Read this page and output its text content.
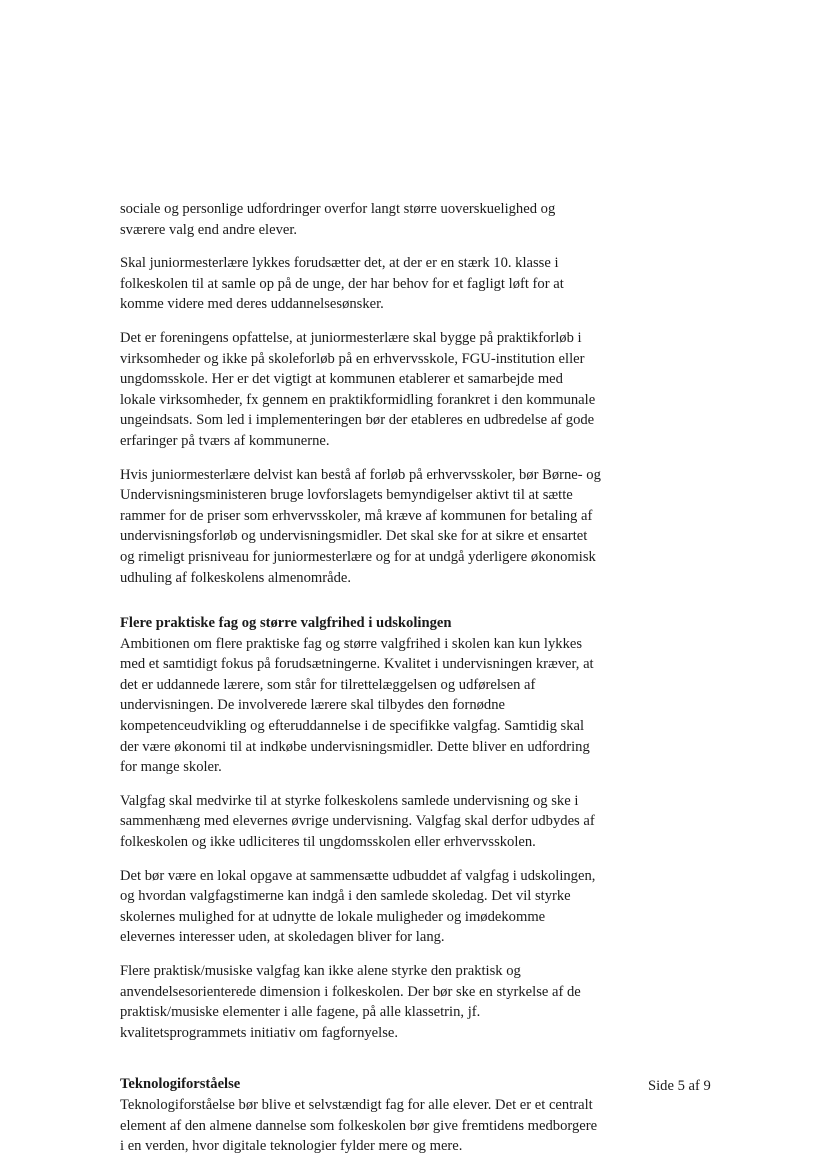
sociale og personlige udfordringer overfor langt større uoverskuelighed og sværere valg end andre elever.

Skal juniormesterlære lykkes forudsætter det, at der er en stærk 10. klasse i folkeskolen til at samle op på de unge, der har behov for et fagligt løft for at komme videre med deres uddannelsesønsker.

Det er foreningens opfattelse, at juniormesterlære skal bygge på praktikforløb i virksomheder og ikke på skoleforløb på en erhvervsskole, FGU-institution eller ungdomsskole. Her er det vigtigt at kommunen etablerer et samarbejde med lokale virksomheder, fx gennem en praktikformidling forankret i den kommunale ungeindsats. Som led i implementeringen bør der etableres en udbredelse af gode erfaringer på tværs af kommunerne.

Hvis juniormesterlære delvist kan bestå af forløb på erhvervsskoler, bør Børne- og Undervisningsministeren bruge lovforslagets bemyndigelser aktivt til at sætte rammer for de priser som erhvervsskoler, må kræve af kommunen for betaling af undervisningsforløb og undervisningsmidler. Det skal ske for at sikre et ensartet og rimeligt prisniveau for juniormesterlære og for at undgå yderligere økonomisk udhuling af folkeskolens almenområde.

Flere praktiske fag og større valgfrihed i udskolingen

Ambitionen om flere praktiske fag og større valgfrihed i skolen kan kun lykkes med et samtidigt fokus på forudsætningerne. Kvalitet i undervisningen kræver, at det er uddannede lærere, som står for tilrettelæggelsen og udførelsen af undervisningen. De involverede lærere skal tilbydes den fornødne kompetenceudvikling og efteruddannelse i de specifikke valgfag. Samtidig skal der være økonomi til at indkøbe undervisningsmidler. Dette bliver en udfordring for mange skoler.

Valgfag skal medvirke til at styrke folkeskolens samlede undervisning og ske i sammenhæng med elevernes øvrige undervisning. Valgfag skal derfor udbydes af folkeskolen og ikke udliciteres til ungdomsskolen eller erhvervsskolen.

Det bør være en lokal opgave at sammensætte udbuddet af valgfag i udskolingen, og hvordan valgfagstimerne kan indgå i den samlede skoledag. Det vil styrke skolernes mulighed for at udnytte de lokale muligheder og imødekomme elevernes interesser uden, at skoledagen bliver for lang.

Flere praktisk/musiske valgfag kan ikke alene styrke den praktisk og anvendelsesorienterede dimension i folkeskolen. Der bør ske en styrkelse af de praktisk/musiske elementer i alle fagene, på alle klassetrin, jf. kvalitetsprogrammets initiativ om fagfornyelse.

Teknologiforståelse

Teknologiforståelse bør blive et selvstændigt fag for alle elever. Det er et centralt element af den almene dannelse som folkeskolen bør give fremtidens medborgere i en verden, hvor digitale teknologier fylder mere og mere.

Side 5 af 9
